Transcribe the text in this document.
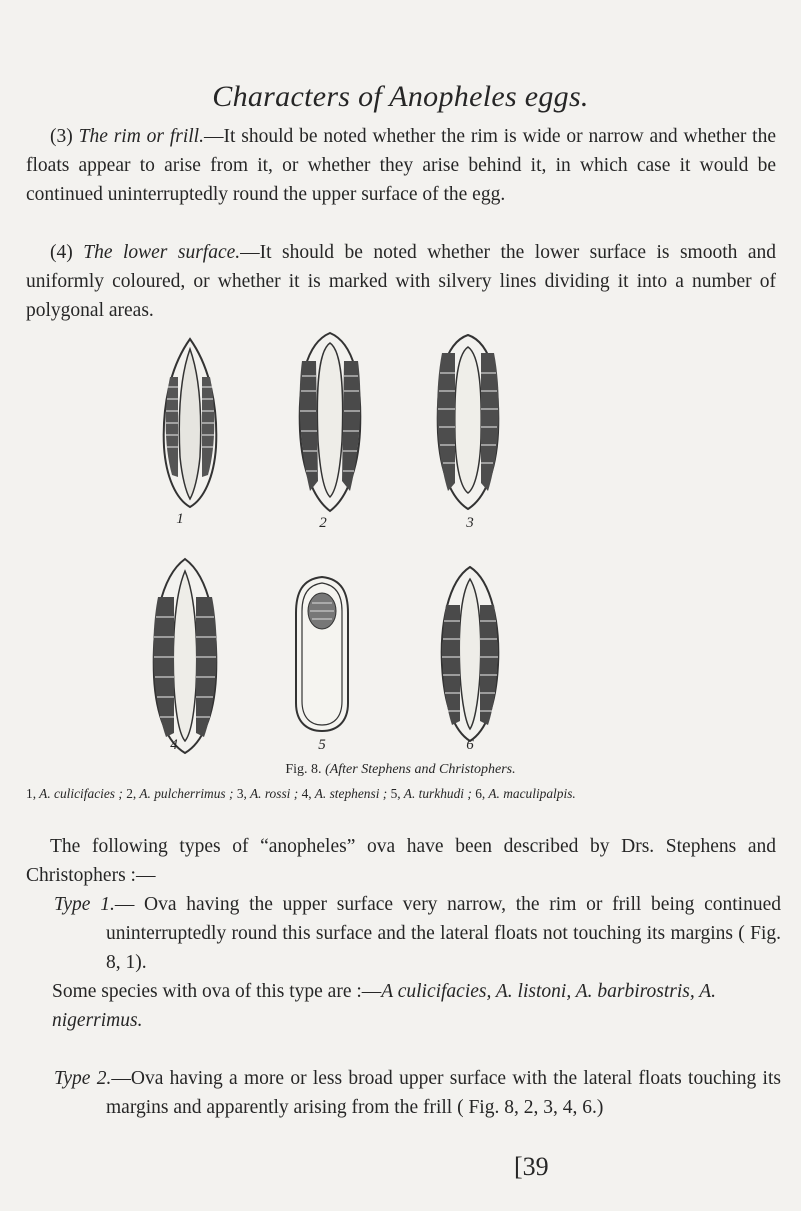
Characters of Anopheles eggs.
(3) The rim or frill.—It should be noted whether the rim is wide or narrow and whether the floats appear to arise from it, or whether they arise behind it, in which case it would be continued uninterruptedly round the upper surface of the egg.
(4) The lower surface.—It should be noted whether the lower surface is smooth and uniformly coloured, or whether it is marked with silvery lines dividing it into a number of polygonal areas.
1	2	3
4	5	6
Fig. 8. (After Stephens and Christophers.
1, A. culicifacies ; 2, A. pulcherrimus ; 3, A. rossi ; 4, A. stephensi ; 5, A. turkhudi ; 6, A. maculipalpis.
The following types of “anopheles” ova have been described by Drs. Stephens and Christophers :—
Type 1.— Ova having the upper surface very narrow, the rim or frill being continued uninterruptedly round this surface and the lateral floats not touching its margins ( Fig. 8, 1).
Some species with ova of this type are :—A culicifacies, A. listoni, A. barbirostris, A. nigerrimus.
Type 2.—Ova having a more or less broad upper surface with the lateral floats touching its margins and apparently arising from the frill ( Fig. 8, 2, 3, 4, 6.)
[39
